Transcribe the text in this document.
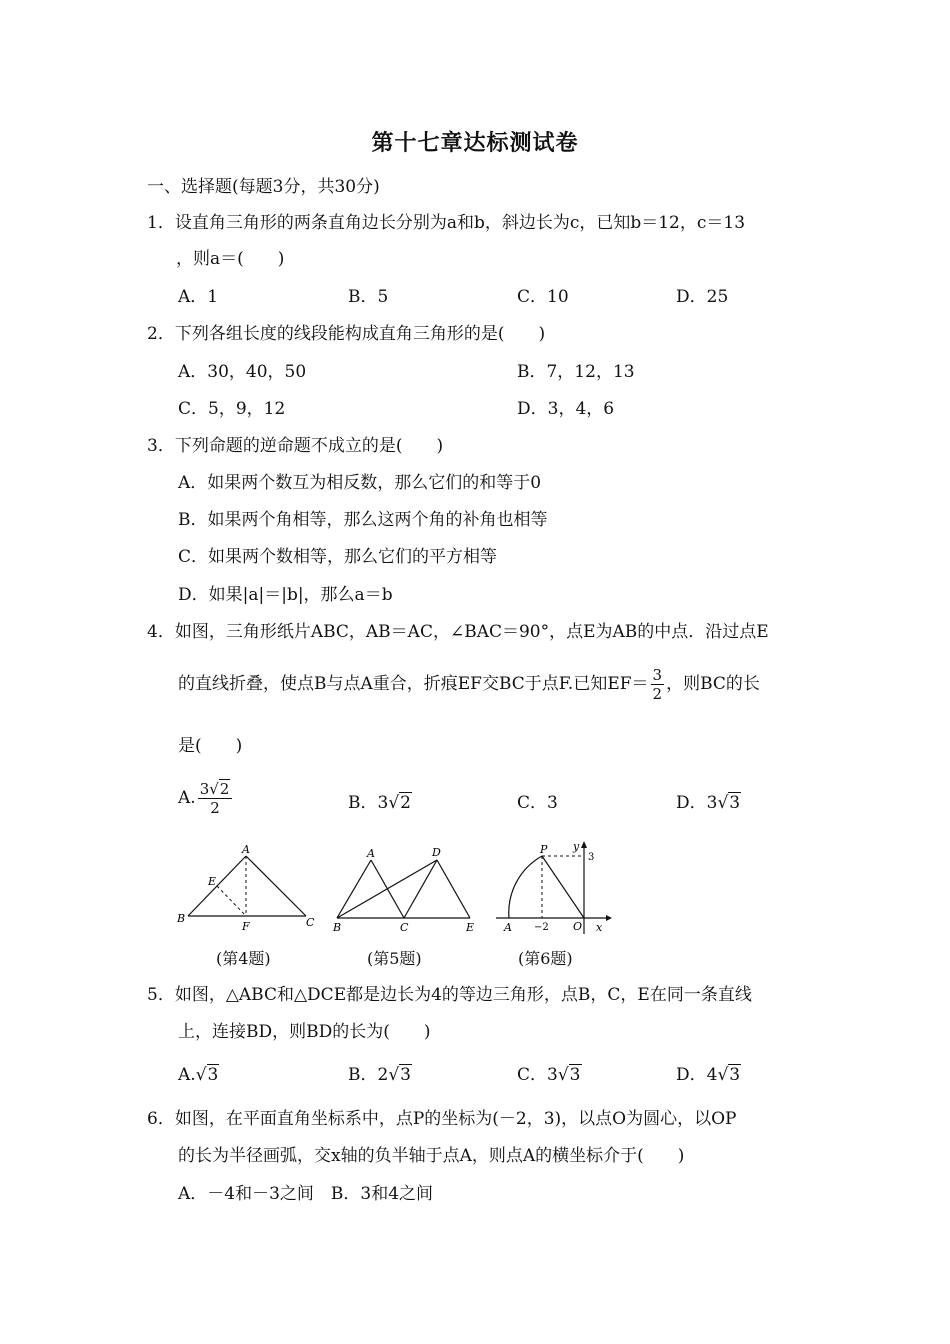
第十七章达标测试卷
一、选择题(每题3分，共30分)
1．设直角三角形的两条直角边长分别为a和b，斜边长为c，已知b＝12，c＝13
，则a＝(　　)
A．1	B．5	C．10	D．25
2．下列各组长度的线段能构成直角三角形的是(　　)
A．30，40，50	B．7，12，13
C．5，9，12	D．3，4，6
3．下列命题的逆命题不成立的是(　　)
A．如果两个数互为相反数，那么它们的和等于0
B．如果两个角相等，那么这两个角的补角也相等
C．如果两个数相等，那么它们的平方相等
D．如果|a|＝|b|，那么a＝b
4．如图，三角形纸片ABC，AB＝AC，∠BAC＝90°，点E为AB的中点．沿过点E
的直线折叠，使点B与点A重合，折痕EF交BC于点F.已知$EF= \frac{3}{2}$ ，则BC的长
是(　　)
A. $\frac{3√2}{2}$	B．3√2	C．3	D．3√3
A
E
B
F	C
(第4题)
A	D
B	C	E
(第5题)
P y
3
A −2 O x
(第6题)
5．如图，△ABC和△DCE都是边长为4的等边三角形，点B，C，E在同一条直线
上，连接BD，则BD的长为(　　)
A.√3	B．2√3	C．3√3	D．4√3
6．如图，在平面直角坐标系中，点P的坐标为(－2，3)，以点O为圆心，以OP
的长为半径画弧，交x轴的负半轴于点A，则点A的横坐标介于(　　)
A．－4和－3之间　B．3和4之间
